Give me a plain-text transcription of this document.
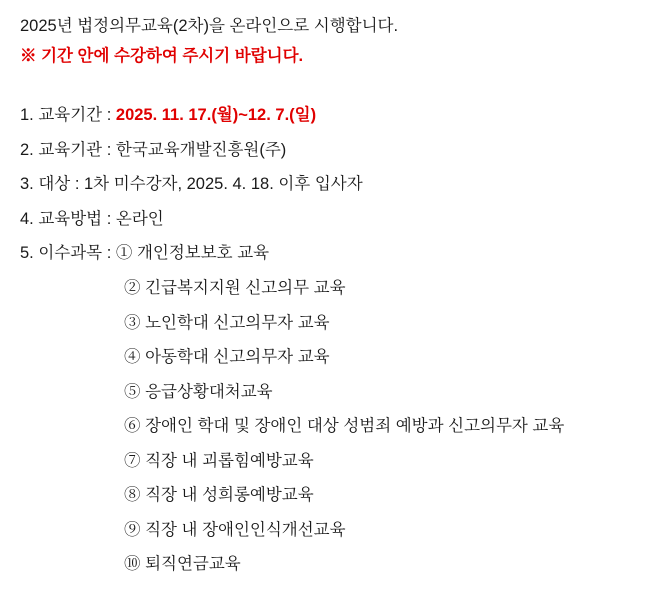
2025년 법정의무교육(2차)을 온라인으로 시행합니다.

※ 기간 안에 수강하여 주시기 바랍니다.

1. 교육기간 : 2025. 11. 17.(월)~12. 7.(일)
2. 교육기관 : 한국교육개발진흥원(주)
3. 대상 : 1차 미수강자, 2025. 4. 18. 이후 입사자
4. 교육방법 : 온라인
5. 이수과목 : ① 개인정보보호 교육
② 긴급복지지원 신고의무 교육
③ 노인학대 신고의무자 교육
④ 아동학대 신고의무자 교육
⑤ 응급상황대처교육
⑥ 장애인 학대 및 장애인 대상 성범죄 예방과 신고의무자 교육
⑦ 직장 내 괴롭힘예방교육
⑧ 직장 내 성희롱예방교육
⑨ 직장 내 장애인인식개선교육
⑩ 퇴직연금교육
